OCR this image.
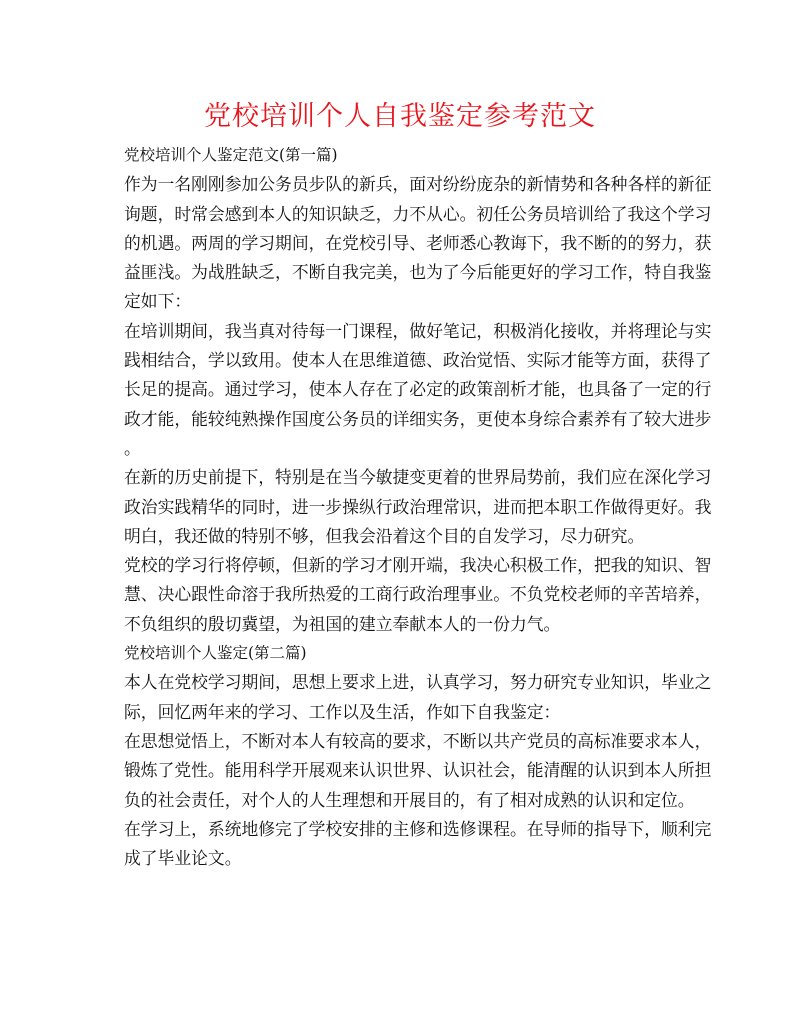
党校培训个人自我鉴定参考范文
党校培训个人鉴定范文(第一篇)
作为一名刚刚参加公务员步队的新兵，面对纷纷庞杂的新情势和各种各样的新征
询题，时常会感到本人的知识缺乏，力不从心。初任公务员培训给了我这个学习
的机遇。两周的学习期间，在党校引导、老师悉心教诲下，我不断的的努力，获
益匪浅。为战胜缺乏，不断自我完美，也为了今后能更好的学习工作，特自我鉴
定如下：
在培训期间，我当真对待每一门课程，做好笔记，积极消化接收，并将理论与实
践相结合，学以致用。使本人在思维道德、政治觉悟、实际才能等方面，获得了
长足的提高。通过学习，使本人存在了必定的政策剖析才能，也具备了一定的行
政才能，能较纯熟操作国度公务员的详细实务，更使本身综合素养有了较大进步
。
在新的历史前提下，特别是在当今敏捷变更着的世界局势前，我们应在深化学习
政治实践精华的同时，进一步操纵行政治理常识，进而把本职工作做得更好。我
明白，我还做的特别不够，但我会沿着这个目的自发学习，尽力研究。
党校的学习行将停顿，但新的学习才刚开端，我决心积极工作，把我的知识、智
慧、决心跟性命溶于我所热爱的工商行政治理事业。不负党校老师的辛苦培养，
不负组织的殷切冀望，为祖国的建立奉献本人的一份力气。
党校培训个人鉴定(第二篇)
本人在党校学习期间，思想上要求上进，认真学习，努力研究专业知识，毕业之
际，回忆两年来的学习、工作以及生活，作如下自我鉴定：
在思想觉悟上，不断对本人有较高的要求，不断以共产党员的高标准要求本人，
锻炼了党性。能用科学开展观来认识世界、认识社会，能清醒的认识到本人所担
负的社会责任，对个人的人生理想和开展目的，有了相对成熟的认识和定位。
在学习上，系统地修完了学校安排的主修和选修课程。在导师的指导下，顺利完
成了毕业论文。
